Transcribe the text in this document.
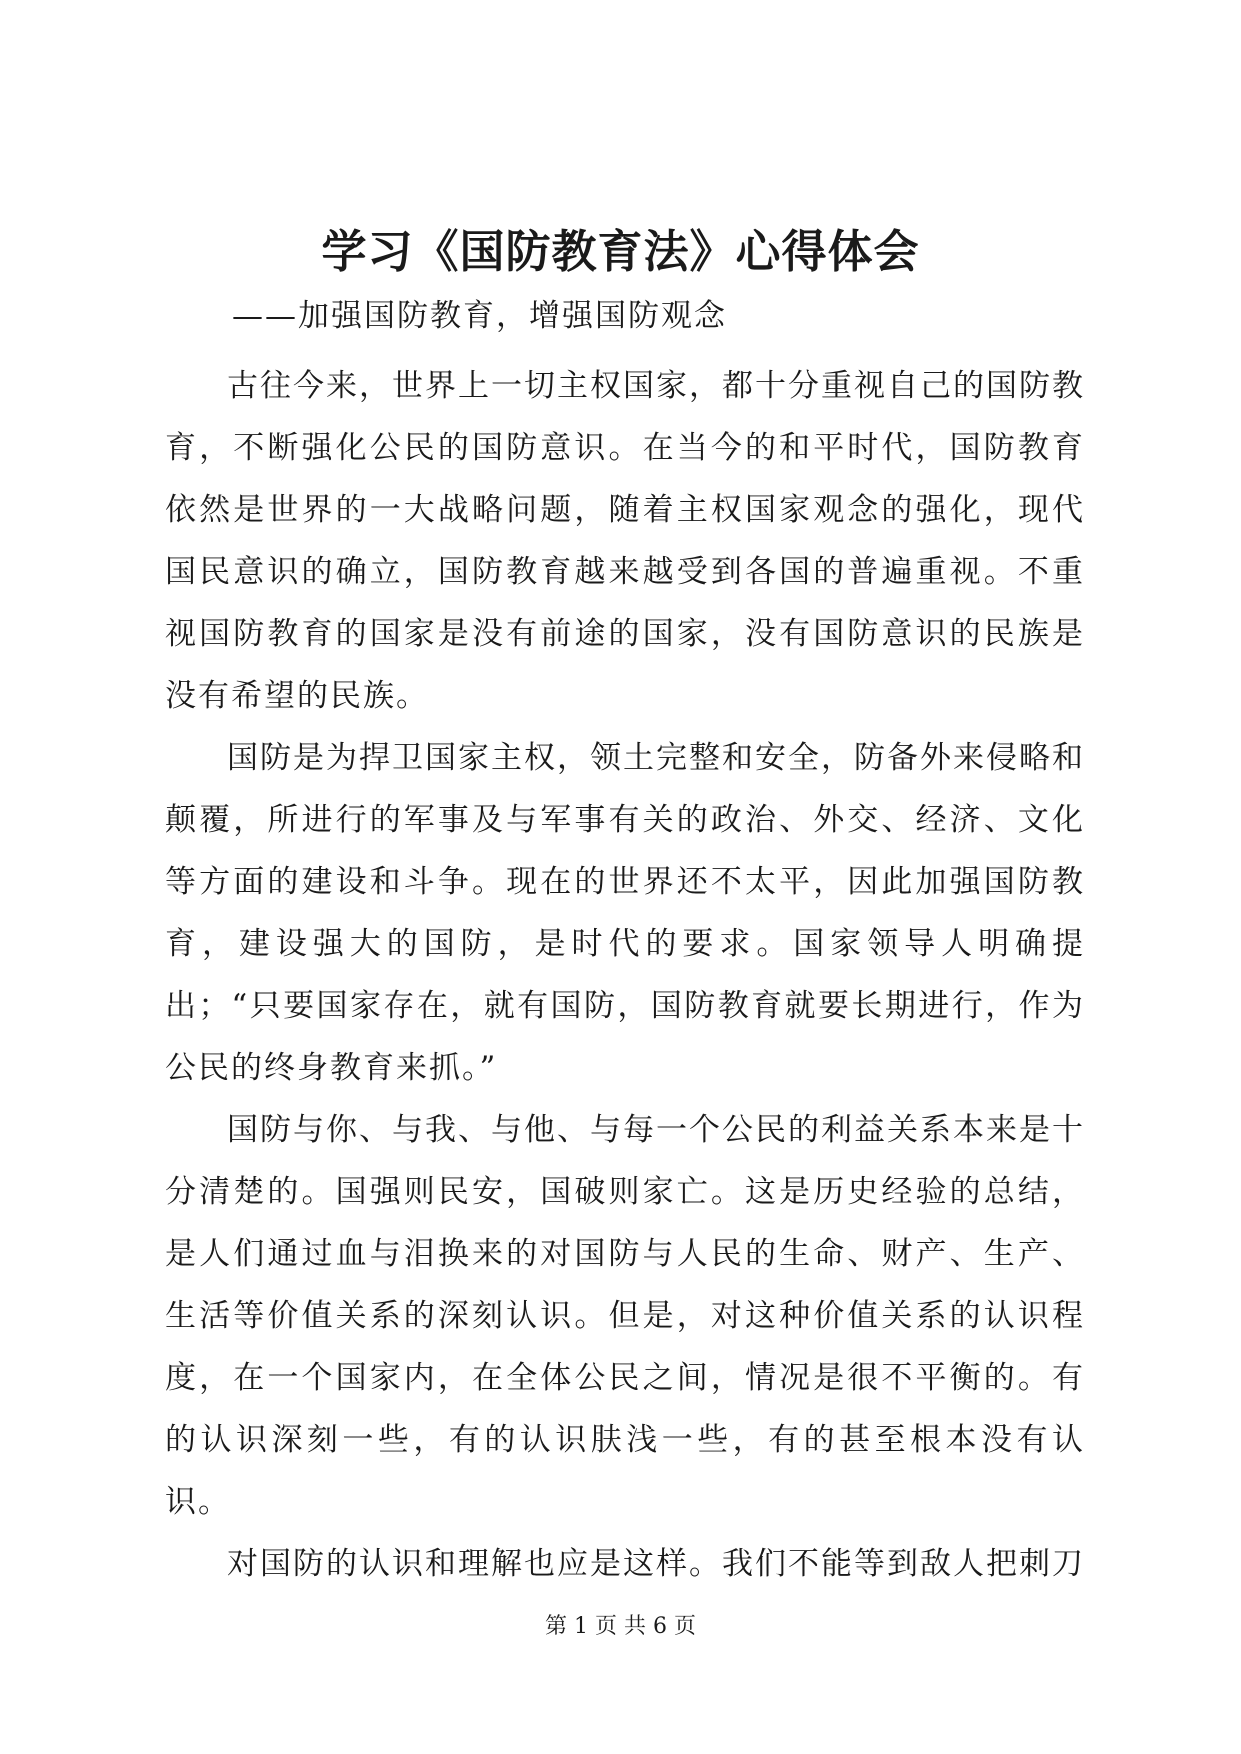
学习《国防教育法》心得体会
——加强国防教育，增强国防观念

古往今来，世界上一切主权国家，都十分重视自己的国防教育，不断强化公民的国防意识。在当今的和平时代，国防教育依然是世界的一大战略问题，随着主权国家观念的强化，现代国民意识的确立，国防教育越来越受到各国的普遍重视。不重视国防教育的国家是没有前途的国家，没有国防意识的民族是没有希望的民族。

国防是为捍卫国家主权，领土完整和安全，防备外来侵略和颠覆，所进行的军事及与军事有关的政治、外交、经济、文化等方面的建设和斗争。现在的世界还不太平，因此加强国防教育，建设强大的国防，是时代的要求。国家领导人明确提出；“只要国家存在，就有国防，国防教育就要长期进行，作为公民的终身教育来抓。”

国防与你、与我、与他、与每一个公民的利益关系本来是十分清楚的。国强则民安，国破则家亡。这是历史经验的总结，是人们通过血与泪换来的对国防与人民的生命、财产、生产、生活等价值关系的深刻认识。但是，对这种价值关系的认识程度，在一个国家内，在全体公民之间，情况是很不平衡的。有的认识深刻一些，有的认识肤浅一些，有的甚至根本没有认识。

对国防的认识和理解也应是这样。我们不能等到敌人把刺刀

第 1 页 共 6 页
